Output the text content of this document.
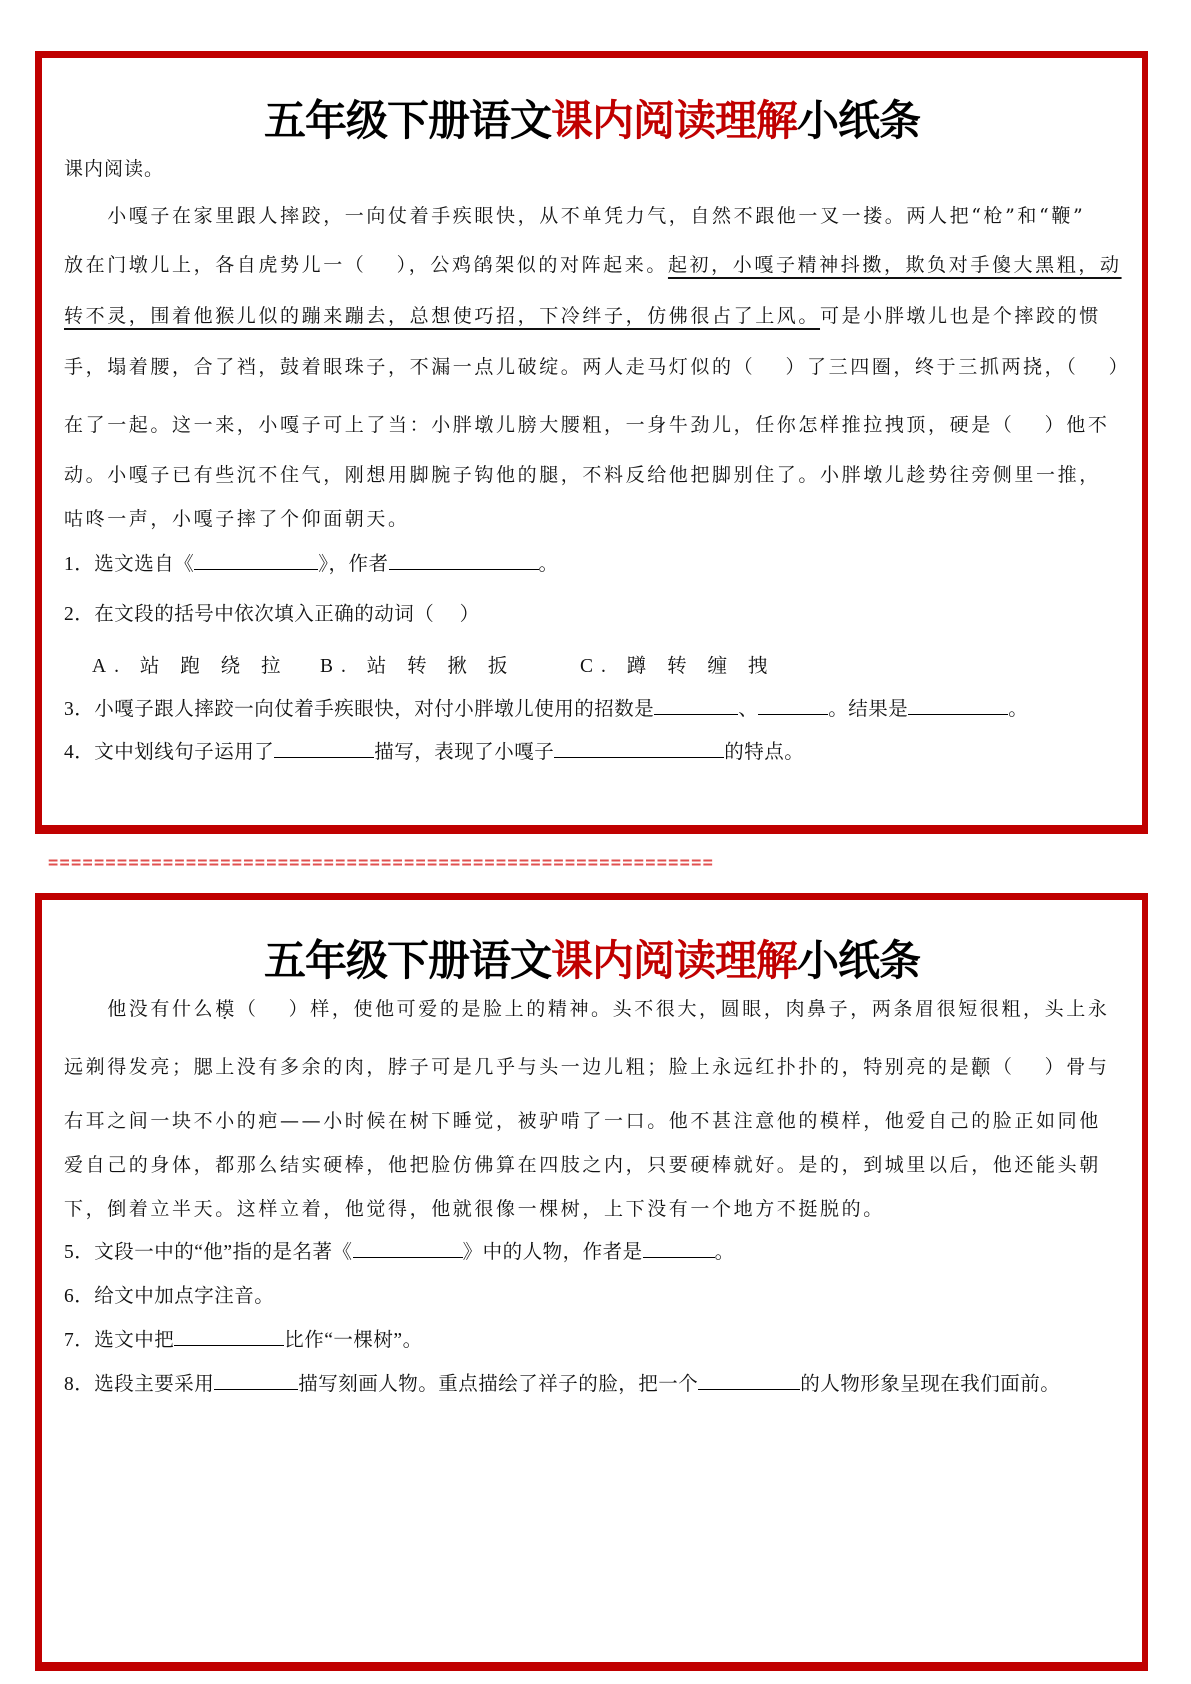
五年级下册语文课内阅读理解小纸条
课内阅读。
　　小嘎子在家里跟人摔跤，一向仗着手疾眼快，从不单凭力气，自然不跟他一叉一搂。两人把“枪”和“鞭”
放在门墩儿上，各自虎势儿一（　 ），公鸡鹐架似的对阵起来。起初，小嘎子精神抖擞，欺负对手傻大黑粗，动
转不灵，围着他猴儿似的蹦来蹦去，总想使巧招，下冷绊子，仿佛很占了上风。可是小胖墩儿也是个摔跤的惯
手，塌着腰，合了裆，鼓着眼珠子，不漏一点儿破绽。两人走马灯似的（　 ）了三四圈，终于三抓两挠，（　 ）
在了一起。这一来，小嘎子可上了当：小胖墩儿膀大腰粗，一身牛劲儿，任你怎样推拉拽顶，硬是（　 ）他不
动。小嘎子已有些沉不住气，刚想用脚腕子钩他的腿，不料反给他把脚别住了。小胖墩儿趁势往旁侧里一推，
咕咚一声，小嘎子摔了个仰面朝天。
1．选文选自《	》，作者	。
2．在文段的括号中依次填入正确的动词（　 ）
A. 站 跑 绕 拉 B. 站 转 揪 扳	C. 蹲 转 缠 拽
3．小嘎子跟人摔跤一向仗着手疾眼快，对付小胖墩儿使用的招数是	、	。结果是	。
4．文中划线句子运用了	描写，表现了小嘎子	的特点。
==========================================================
五年级下册语文课内阅读理解小纸条
　　他没有什么模（　 ）样，使他可爱的是脸上的精神。头不很大，圆眼，肉鼻子，两条眉很短很粗，头上永
远剃得发亮；腮上没有多余的肉，脖子可是几乎与头一边儿粗；脸上永远红扑扑的，特别亮的是颧（　 ）骨与
右耳之间一块不小的疤——小时候在树下睡觉，被驴啃了一口。他不甚注意他的模样，他爱自己的脸正如同他
爱自己的身体，都那么结实硬棒，他把脸仿佛算在四肢之内，只要硬棒就好。是的，到城里以后，他还能头朝
下，倒着立半天。这样立着，他觉得，他就很像一棵树，上下没有一个地方不挺脱的。
5．文段一中的“他”指的是名著《	》中的人物，作者是	。
6．给文中加点字注音。
7．选文中把	比作“一棵树”。
8．选段主要采用	描写刻画人物。重点描绘了祥子的脸，把一个	的人物形象呈现在我们面前。
